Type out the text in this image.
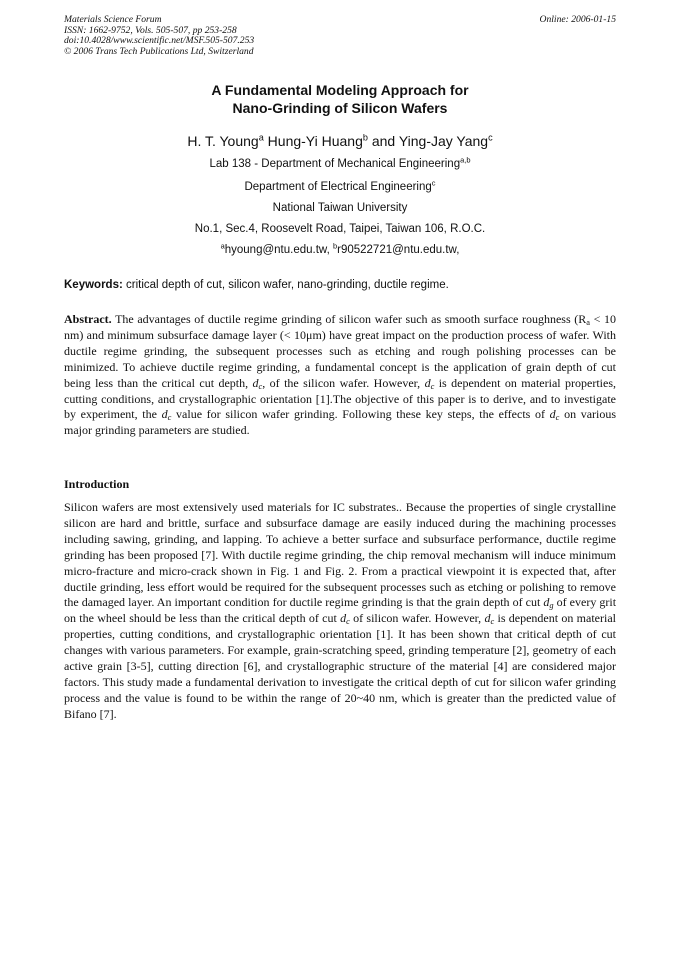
Materials Science Forum
ISSN: 1662-9752, Vols. 505-507, pp 253-258
doi:10.4028/www.scientific.net/MSF.505-507.253
© 2006 Trans Tech Publications Ltd, Switzerland
Online: 2006-01-15
A Fundamental Modeling Approach for
Nano-Grinding of Silicon Wafers
H. T. Young$^a$ Hung-Yi Huang$^b$ and Ying-Jay Yang$^c$
Lab 138 - Department of Mechanical Engineering$^{a,b}$
Department of Electrical Engineering$^c$
National Taiwan University
No.1, Sec.4, Roosevelt Road, Taipei, Taiwan 106, R.O.C.
$^a$hyoung@ntu.edu.tw, $^b$r90522721@ntu.edu.tw,
Keywords: critical depth of cut, silicon wafer, nano-grinding, ductile regime.

Abstract. The advantages of ductile regime grinding of silicon wafer such as smooth surface roughness ($R_a < 10$ nm) and minimum subsurface damage layer (< 10μm) have great impact on the production process of wafer. With ductile regime grinding, the subsequent processes such as etching and rough polishing processes can be minimized. To achieve ductile regime grinding, a fundamental concept is the application of grain depth of cut being less than the critical cut depth, $d_c$, of the silicon wafer. However, $d_c$ is dependent on material properties, cutting conditions, and crystallographic orientation [1].The objective of this paper is to derive, and to investigate by experiment, the $d_c$ value for silicon wafer grinding. Following these key steps, the effects of $d_c$ on various major grinding parameters are studied.

Introduction

Silicon wafers are most extensively used materials for IC substrates.. Because the properties of single crystalline silicon are hard and brittle, surface and subsurface damage are easily induced during the machining processes including sawing, grinding, and lapping. To achieve a better surface and subsurface performance, ductile regime grinding has been proposed [7]. With ductile regime grinding, the chip removal mechanism will induce minimum micro-fracture and micro-crack shown in Fig. 1 and Fig. 2. From a practical viewpoint it is expected that, after ductile grinding, less effort would be required for the subsequent processes such as etching or polishing to remove the damaged layer. An important condition for ductile regime grinding is that the grain depth of cut $d_g$ of every grit on the wheel should be less than the critical depth of cut $d_c$ of silicon wafer. However, $d_c$ is dependent on material properties, cutting conditions, and crystallographic orientation [1]. It has been shown that critical depth of cut changes with various parameters. For example, grain-scratching speed, grinding temperature [2], geometry of each active grain [3-5], cutting direction [6], and crystallographic structure of the material [4] are considered major factors. This study made a fundamental derivation to investigate the critical depth of cut for silicon wafer grinding process and the value is found to be within the range of 20~40 nm, which is greater than the predicted value of Bifano [7].
